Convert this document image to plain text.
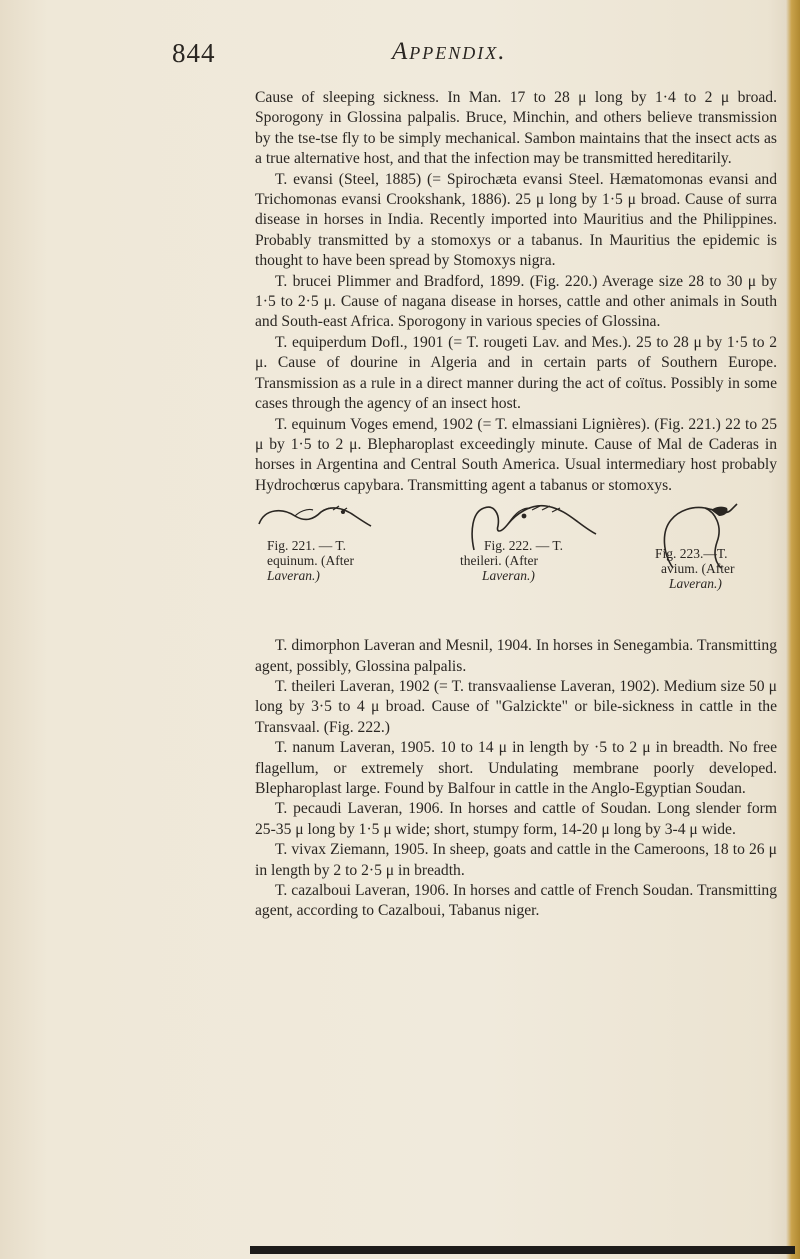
844	Appendix.

Cause of sleeping sickness. In Man. 17 to 28 μ long by 1·4 to 2 μ broad. Sporogony in Glossina palpalis. Bruce, Minchin, and others believe transmission by the tse-tse fly to be simply mechanical. Sambon maintains that the insect acts as a true alternative host, and that the infection may be transmitted hereditarily.

T. evansi (Steel, 1885) (= Spirochæta evansi Steel. Hæmatomonas evansi and Trichomonas evansi Crookshank, 1886). 25 μ long by 1·5 μ broad. Cause of surra disease in horses in India. Recently imported into Mauritius and the Philippines. Probably transmitted by a stomoxys or a tabanus. In Mauritius the epidemic is thought to have been spread by Stomoxys nigra.

T. brucei Plimmer and Bradford, 1899. (Fig. 220.) Average size 28 to 30 μ by 1·5 to 2·5 μ. Cause of nagana disease in horses, cattle and other animals in South and South-east Africa. Sporogony in various species of Glossina.

T. equiperdum Dofl., 1901 (= T. rougeti Lav. and Mes.). 25 to 28 μ by 1·5 to 2 μ. Cause of dourine in Algeria and in certain parts of Southern Europe. Transmission as a rule in a direct manner during the act of coïtus. Possibly in some cases through the agency of an insect host.

T. equinum Voges emend, 1902 (= T. elmassiani Lignières). (Fig. 221.) 22 to 25 μ by 1·5 to 2 μ. Blepharoplast exceedingly minute. Cause of Mal de Caderas in horses in Argentina and Central South America. Usual intermediary host probably Hydrochœrus capybara. Transmitting agent a tabanus or stomoxys.

Fig. 221. — T.
equinum. (After
Laveran.)
Fig. 222. — T.
theileri. (After
Laveran.)
Fig. 223.—T.
avium. (After
Laveran.)

T. dimorphon Laveran and Mesnil, 1904. In horses in Senegambia. Transmitting agent, possibly, Glossina palpalis.

T. theileri Laveran, 1902 (= T. transvaaliense Laveran, 1902). Medium size 50 μ long by 3·5 to 4 μ broad. Cause of "Galzickte" or bile-sickness in cattle in the Transvaal. (Fig. 222.)

T. nanum Laveran, 1905. 10 to 14 μ in length by ·5 to 2 μ in breadth. No free flagellum, or extremely short. Undulating membrane poorly developed. Blepharoplast large. Found by Balfour in cattle in the Anglo-Egyptian Soudan.

T. pecaudi Laveran, 1906. In horses and cattle of Soudan. Long slender form 25-35 μ long by 1·5 μ wide; short, stumpy form, 14-20 μ long by 3-4 μ wide.

T. vivax Ziemann, 1905. In sheep, goats and cattle in the Cameroons, 18 to 26 μ in length by 2 to 2·5 μ in breadth.

T. cazalboui Laveran, 1906. In horses and cattle of French Soudan. Transmitting agent, according to Cazalboui, Tabanus niger.
